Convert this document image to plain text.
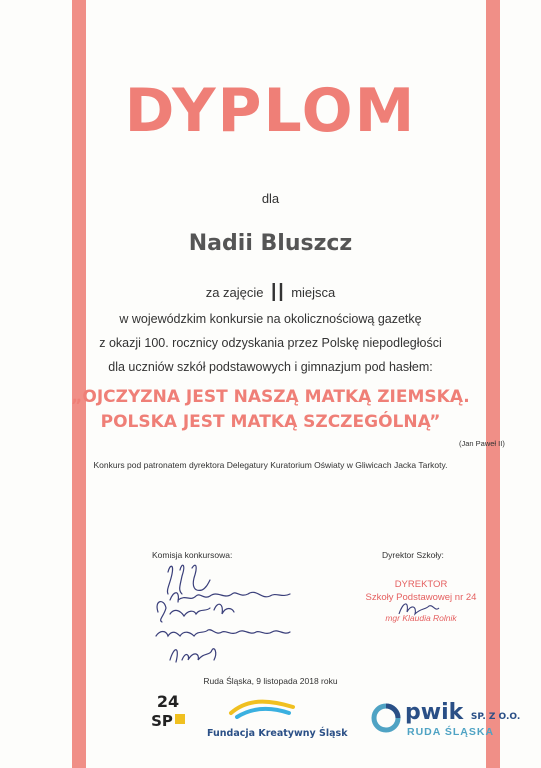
DYPLOM
dla
Nadii Bluszcz
za zajęcie II miejsca
w wojewódzkim konkursie na okolicznościową gazetkę
z okazji 100. rocznicy odzyskania przez Polskę niepodległości
dla uczniów szkół podstawowych i gimnazjum pod hasłem:
„OJCZYZNA JEST NASZĄ MATKĄ ZIEMSKĄ.
POLSKA JEST MATKĄ SZCZEGÓLNĄ”
(Jan Paweł II)
Konkurs pod patronatem dyrektora Delegatury Kuratorium Oświaty w Gliwicach Jacka Tarkoty.
Komisja konkursowa:	Dyrektor Szkoły:
DYREKTOR
Szkoły Podstawowej nr 24
mgr Klaudia Rolnik
Ruda Śląska, 9 listopada 2018 roku
24
SP
Fundacja Kreatywny Śląsk
pwik SP. Z O.O.
RUDA ŚLĄSKA
